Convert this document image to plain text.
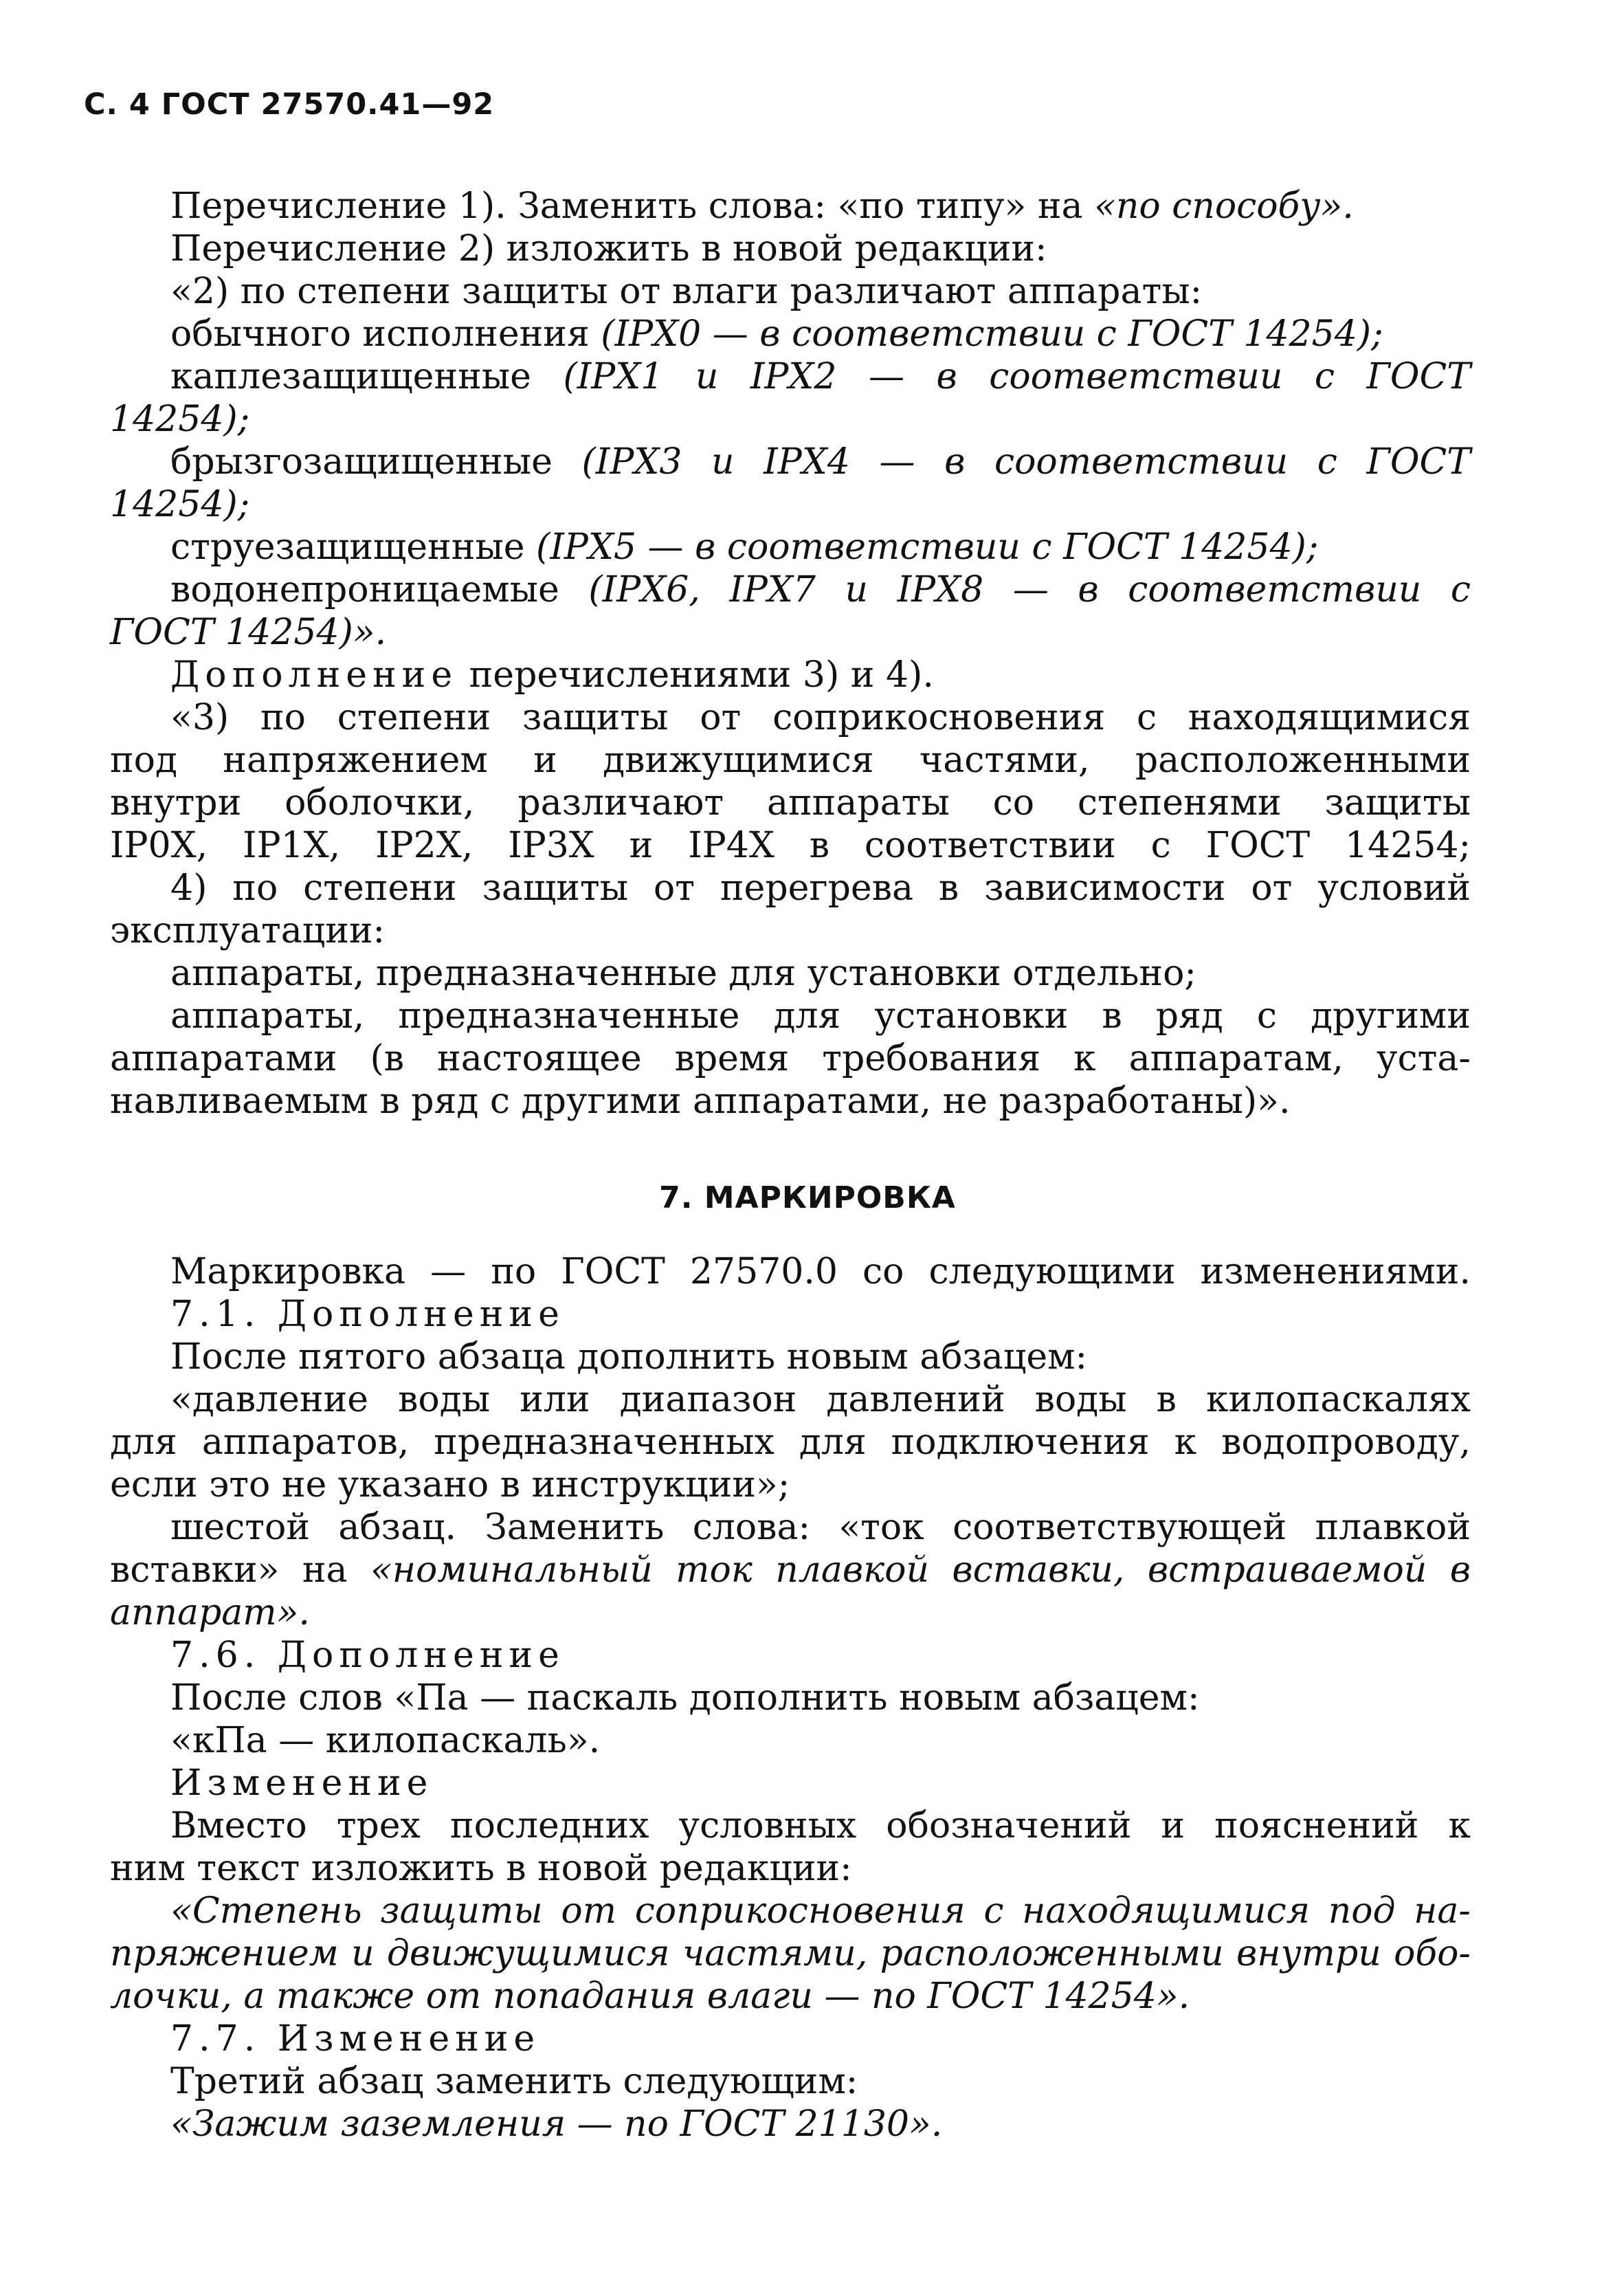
С. 4 ГОСТ 27570.41—92
Перечисление 1). Заменить слова: «по типу» на «по способу».
Перечисление 2) изложить в новой редакции:
«2) по степени защиты от влаги различают аппараты:
обычного исполнения (IPX0 — в соответствии с ГОСТ 14254);
каплезащищенные (IPX1 и IPX2 — в соответствии с ГОСТ
14254);
брызгозащищенные (IPX3 и IPX4 — в соответствии с ГОСТ
14254);
струезащищенные (IPX5 — в соответствии с ГОСТ 14254);
водонепроницаемые (IPX6, IPX7 и IPX8 — в соответствии с
ГОСТ 14254)».
Дополнение перечислениями 3) и 4).
«3) по степени защиты от соприкосновения с находящимися
под напряжением и движущимися частями, расположенными
внутри оболочки, различают аппараты со степенями защиты
IP0X, IP1X, IP2X, IP3X и IP4X в соответствии с ГОСТ 14254;
4) по степени защиты от перегрева в зависимости от условий
эксплуатации:
аппараты, предназначенные для установки отдельно;
аппараты, предназначенные для установки в ряд с другими
аппаратами (в настоящее время требования к аппаратам, уста-
навливаемым в ряд с другими аппаратами, не разработаны)».
7. МАРКИРОВКА
Маркировка — по ГОСТ 27570.0 со следующими изменениями.
7.1. Дополнение
После пятого абзаца дополнить новым абзацем:
«давление воды или диапазон давлений воды в килопаскалях
для аппаратов, предназначенных для подключения к водопроводу,
если это не указано в инструкции»;
шестой абзац. Заменить слова: «ток соответствующей плавкой
вставки» на «номинальный ток плавкой вставки, встраиваемой в
аппарат».
7.6. Дополнение
После слов «Па — паскаль дополнить новым абзацем:
«кПа — килопаскаль».
Изменение
Вместо трех последних условных обозначений и пояснений к
ним текст изложить в новой редакции:
«Степень защиты от соприкосновения с находящимися под на-
пряжением и движущимися частями, расположенными внутри обо-
лочки, а также от попадания влаги — по ГОСТ 14254».
7.7. Изменение
Третий абзац заменить следующим:
«Зажим заземления — по ГОСТ 21130».
